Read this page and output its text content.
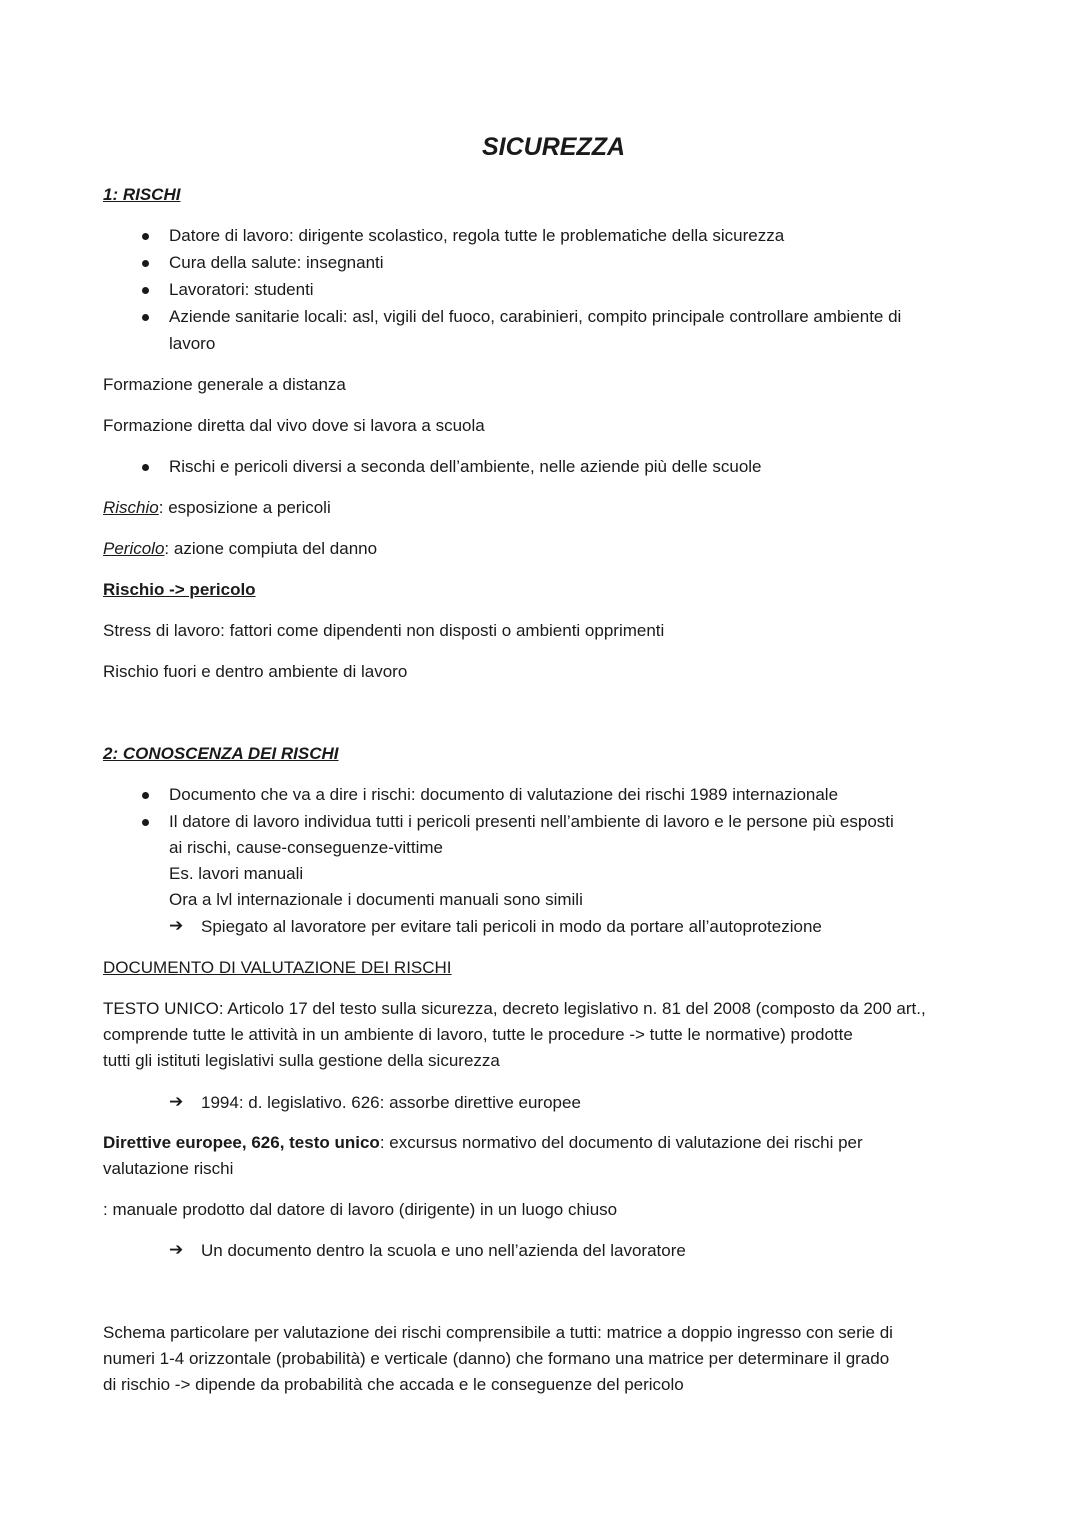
SICUREZZA
1: RISCHI
Datore di lavoro: dirigente scolastico, regola tutte le problematiche della sicurezza
Cura della salute: insegnanti
Lavoratori: studenti
Aziende sanitarie locali: asl, vigili del fuoco, carabinieri, compito principale controllare ambiente di
lavoro
Formazione generale a distanza
Formazione diretta dal vivo dove si lavora a scuola
Rischi e pericoli diversi a seconda dell’ambiente, nelle aziende più delle scuole
Rischio: esposizione a pericoli
Pericolo: azione compiuta del danno
Rischio -> pericolo
Stress di lavoro: fattori come dipendenti non disposti o ambienti opprimenti
Rischio fuori e dentro ambiente di lavoro
2: CONOSCENZA DEI RISCHI
Documento che va a dire i rischi: documento di valutazione dei rischi 1989 internazionale
Il datore di lavoro individua tutti i pericoli presenti nell’ambiente di lavoro e le persone più esposti
ai rischi, cause-conseguenze-vittime
Es. lavori manuali
Ora a lvl internazionale i documenti manuali sono simili
➔ Spiegato al lavoratore per evitare tali pericoli in modo da portare all’autoprotezione
DOCUMENTO DI VALUTAZIONE DEI RISCHI
TESTO UNICO: Articolo 17 del testo sulla sicurezza, decreto legislativo n. 81 del 2008 (composto da 200 art.,
comprende tutte le attività in un ambiente di lavoro, tutte le procedure -> tutte le normative) prodotte
tutti gli istituti legislativi sulla gestione della sicurezza
➔ 1994: d. legislativo. 626: assorbe direttive europee
Direttive europee, 626, testo unico: excursus normativo del documento di valutazione dei rischi per
valutazione rischi
: manuale prodotto dal datore di lavoro (dirigente) in un luogo chiuso
➔ Un documento dentro la scuola e uno nell’azienda del lavoratore
Schema particolare per valutazione dei rischi comprensibile a tutti: matrice a doppio ingresso con serie di
numeri 1-4 orizzontale (probabilità) e verticale (danno) che formano una matrice per determinare il grado
di rischio -> dipende da probabilità che accada e le conseguenze del pericolo
